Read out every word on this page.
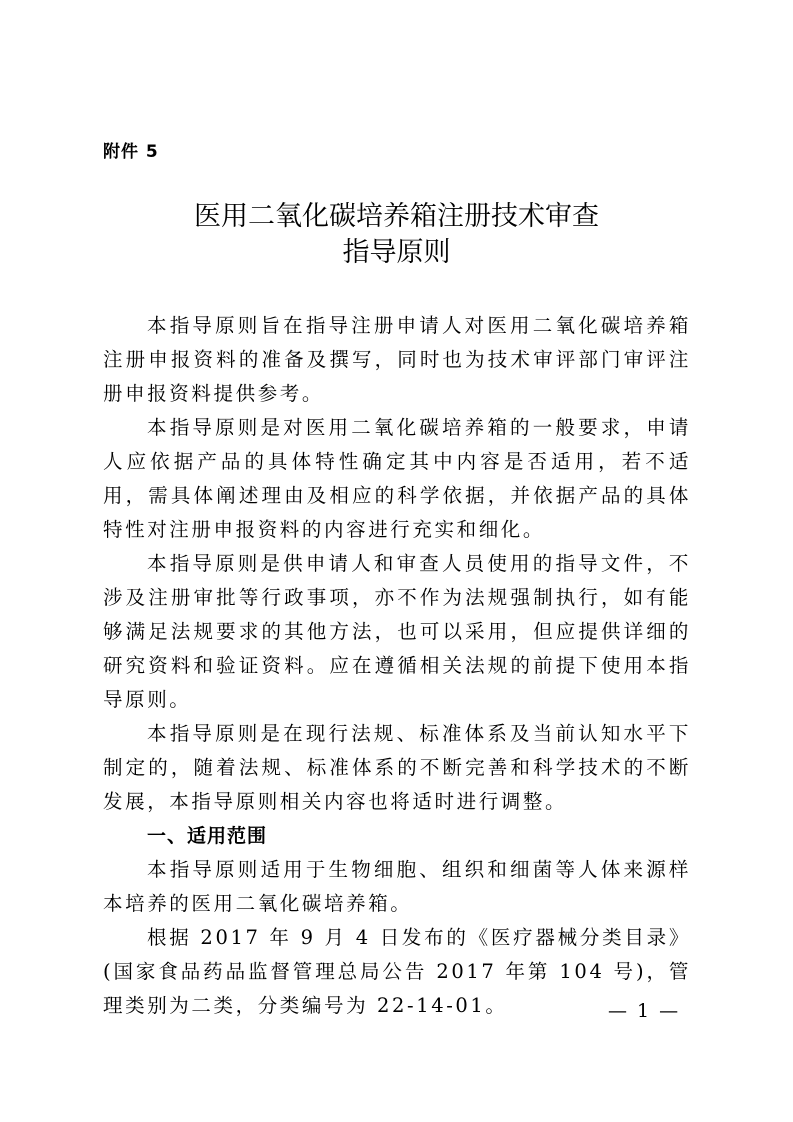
附件 5
医用二氧化碳培养箱注册技术审查
指导原则

本指导原则旨在指导注册申请人对医用二氧化碳培养箱注册申报资料的准备及撰写，同时也为技术审评部门审评注册申报资料提供参考。

本指导原则是对医用二氧化碳培养箱的一般要求，申请人应依据产品的具体特性确定其中内容是否适用，若不适用，需具体阐述理由及相应的科学依据，并依据产品的具体特性对注册申报资料的内容进行充实和细化。

本指导原则是供申请人和审查人员使用的指导文件，不涉及注册审批等行政事项，亦不作为法规强制执行，如有能够满足法规要求的其他方法，也可以采用，但应提供详细的研究资料和验证资料。应在遵循相关法规的前提下使用本指导原则。

本指导原则是在现行法规、标准体系及当前认知水平下制定的，随着法规、标准体系的不断完善和科学技术的不断发展，本指导原则相关内容也将适时进行调整。

一、适用范围

本指导原则适用于生物细胞、组织和细菌等人体来源样本培养的医用二氧化碳培养箱。

根据 2017 年 9 月 4 日发布的《医疗器械分类目录》(国家食品药品监督管理总局公告 2017 年第 104 号)，管理类别为二类，分类编号为 22-14-01。	— 1 —
